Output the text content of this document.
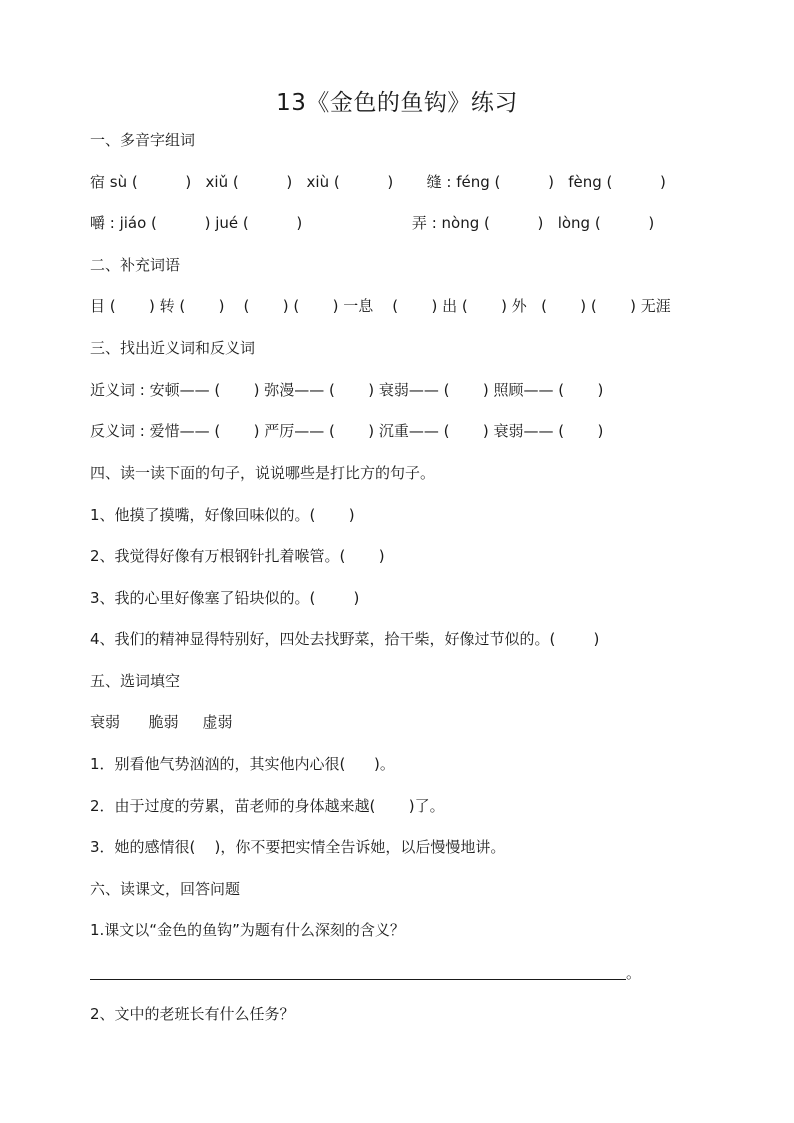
13《金色的鱼钩》练习
一、多音字组词
宿 sù (          )   xiǔ (          )   xiù (          )       缝 : féng (          )   fèng (          )
嚼 : jiáo (          ) jué (          )                       弄 : nòng (          )   lòng (          )
二、补充词语
目 (       ) 转 (       )    (       ) (       ) 一息    (       ) 出 (       ) 外   (       ) (       ) 无涯
三、找出近义词和反义词
近义词 : 安顿—— (       ) 弥漫—— (       ) 衰弱—— (       ) 照顾—— (       )
反义词 : 爱惜—— (       ) 严厉—— (       ) 沉重—— (       ) 衰弱—— (       )
四、读一读下面的句子，说说哪些是打比方的句子。
1、他摸了摸嘴，好像回味似的。(       )
2、我觉得好像有万根钢针扎着喉管。(       )
3、我的心里好像塞了铅块似的。(        )
4、我们的精神显得特别好，四处去找野菜，拾干柴，好像过节似的。(        )
五、选词填空
衰弱      脆弱     虚弱
1．别看他气势汹汹的，其实他内心很(      )。
2．由于过度的劳累，苗老师的身体越来越(       )了。
3．她的感情很(    )，你不要把实情全告诉她，以后慢慢地讲。
六、读课文，回答问题
1.课文以“金色的鱼钩”为题有什么深刻的含义？
。
2、文中的老班长有什么任务？
